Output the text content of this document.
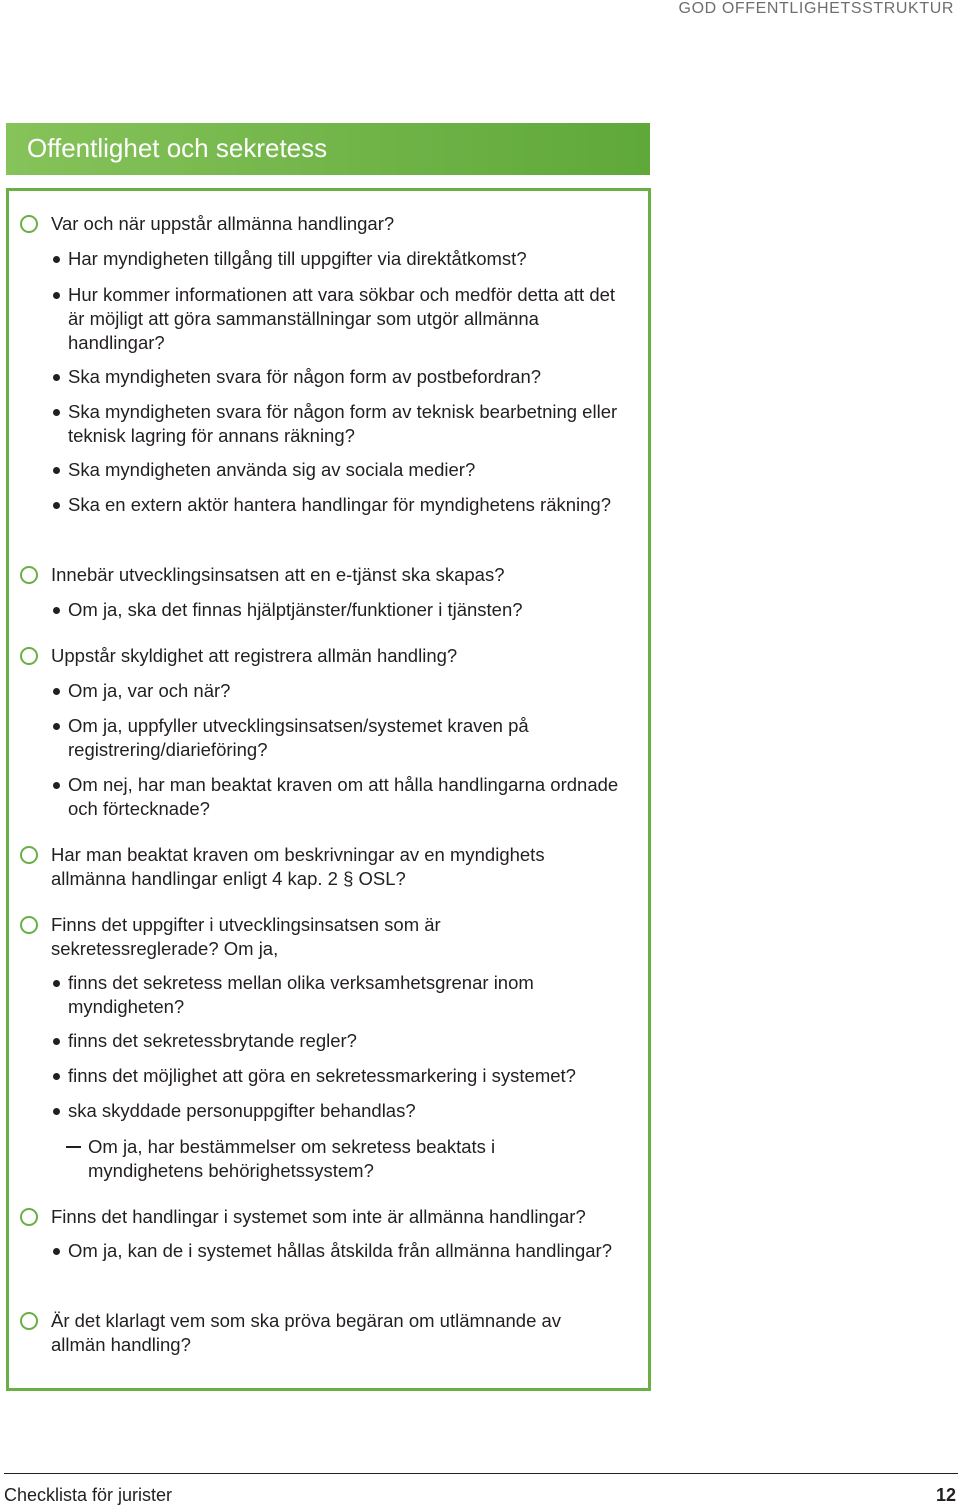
GOD OFFENTLIGHETSSTRUKTUR
Offentlighet och sekretess
Var och när uppstår allmänna handlingar?
Har myndigheten tillgång till uppgifter via direktåtkomst?
Hur kommer informationen att vara sökbar och medför detta att det är möjligt att göra sammanställningar som utgör allmänna handlingar?
Ska myndigheten svara för någon form av postbefordran?
Ska myndigheten svara för någon form av teknisk bearbetning eller teknisk lagring för annans räkning?
Ska myndigheten använda sig av sociala medier?
Ska en extern aktör hantera handlingar för myndighetens räkning?
Innebär utvecklingsinsatsen att en e-tjänst ska skapas?
Om ja, ska det finnas hjälptjänster/funktioner i tjänsten?
Uppstår skyldighet att registrera allmän handling?
Om ja, var och när?
Om ja, uppfyller utvecklingsinsatsen/systemet kraven på registrering/diarieföring?
Om nej, har man beaktat kraven om att hålla handlingarna ordnade och förtecknade?
Har man beaktat kraven om beskrivningar av en myndighets allmänna handlingar enligt 4 kap. 2 § OSL?
Finns det uppgifter i utvecklingsinsatsen som är sekretessreglerade? Om ja,
finns det sekretess mellan olika verksamhetsgrenar inom myndigheten?
finns det sekretessbrytande regler?
finns det möjlighet att göra en sekretessmarkering i systemet?
ska skyddade personuppgifter behandlas?
Om ja, har bestämmelser om sekretess beaktats i myndighetens behörighetssystem?
Finns det handlingar i systemet som inte är allmänna handlingar?
Om ja, kan de i systemet hållas åtskilda från allmänna handlingar?
Är det klarlagt vem som ska pröva begäran om utlämnande av allmän handling?
Checklista för jurister	12
